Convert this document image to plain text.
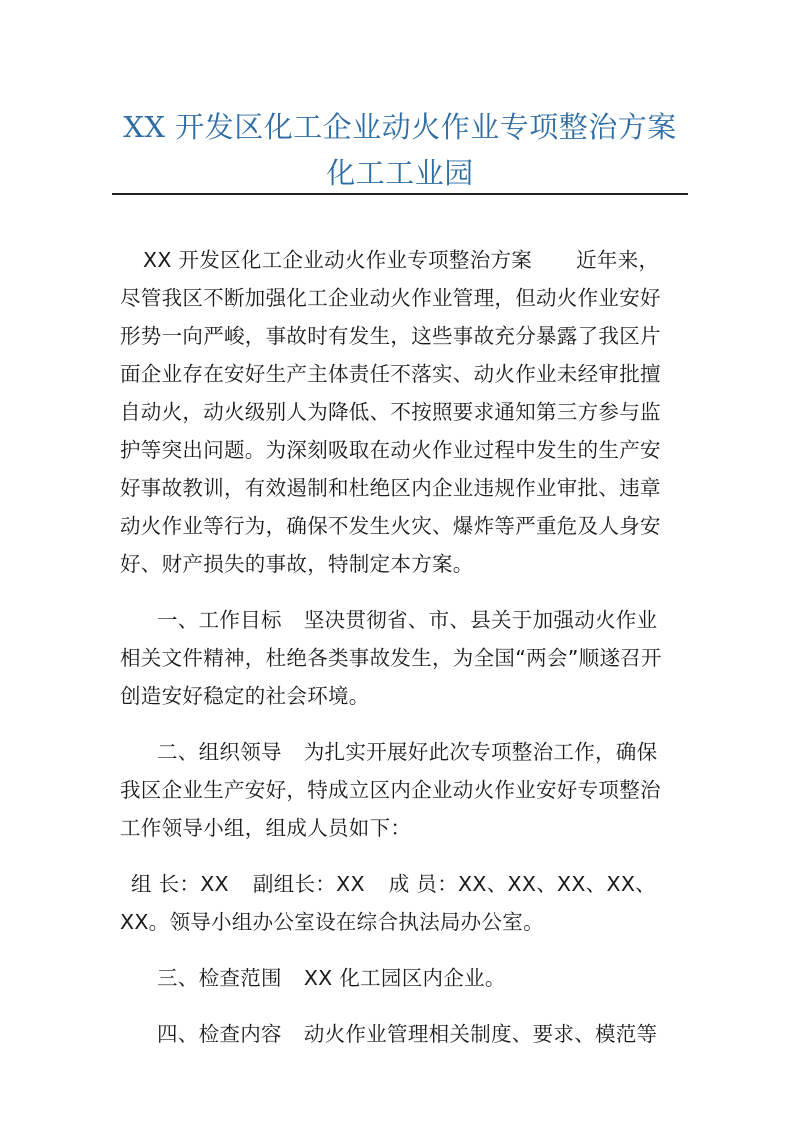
XX 开发区化工企业动火作业专项整治方案
化工工业园
XX 开发区化工企业动火作业专项整治方案 近年来，
尽管我区不断加强化工企业动火作业管理，但动火作业安好
形势一向严峻，事故时有发生，这些事故充分暴露了我区片
面企业存在安好生产主体责任不落实、动火作业未经审批擅
自动火，动火级别人为降低、不按照要求通知第三方参与监
护等突出问题。为深刻吸取在动火作业过程中发生的生产安
好事故教训，有效遏制和杜绝区内企业违规作业审批、违章
动火作业等行为，确保不发生火灾、爆炸等严重危及人身安
好、财产损失的事故，特制定本方案。
一、工作目标 坚决贯彻省、市、县关于加强动火作业
相关文件精神，杜绝各类事故发生，为全国“两会”顺遂召开
创造安好稳定的社会环境。
二、组织领导 为扎实开展好此次专项整治工作，确保
我区企业生产安好，特成立区内企业动火作业安好专项整治
工作领导小组，组成人员如下：
组 长：XX 副组长：XX 成 员：XX、XX、XX、XX、
XX。领导小组办公室设在综合执法局办公室。
三、检查范围 XX 化工园区内企业。
四、检查内容 动火作业管理相关制度、要求、模范等
